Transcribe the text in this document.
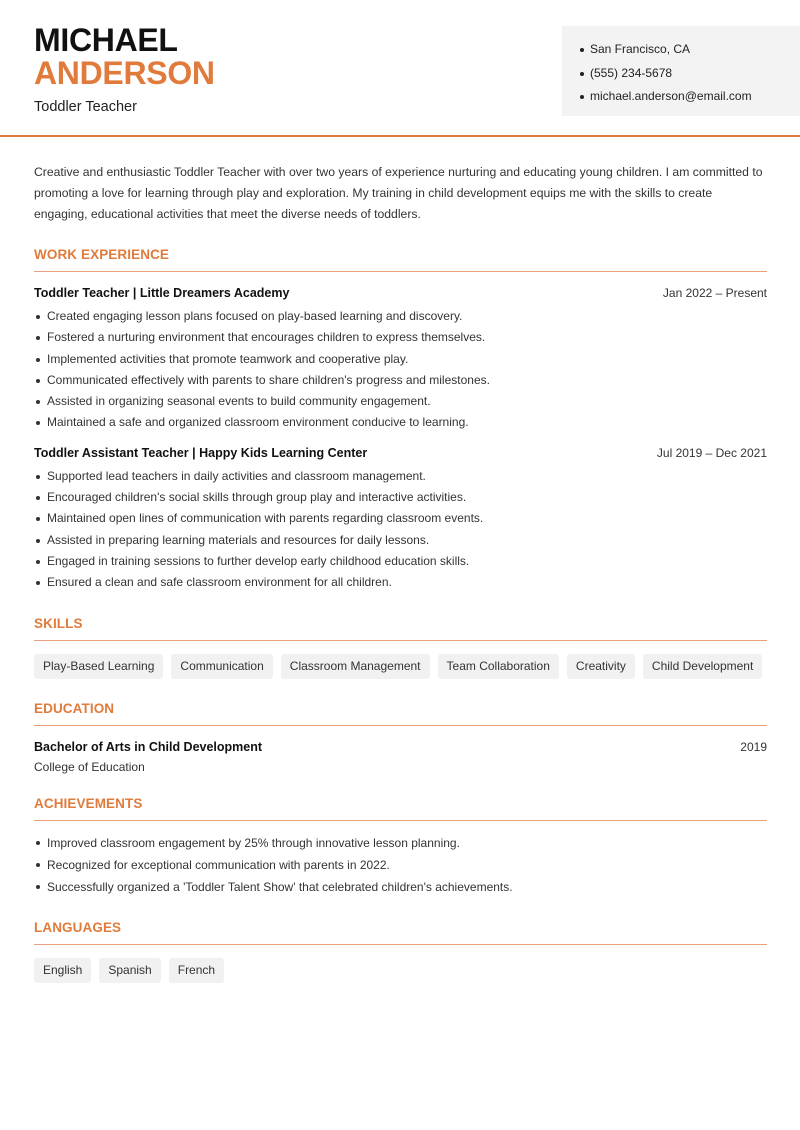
MICHAEL
ANDERSON
Toddler Teacher
San Francisco, CA
(555) 234-5678
michael.anderson@email.com

Creative and enthusiastic Toddler Teacher with over two years of experience nurturing and educating young children. I am committed to promoting a love for learning through play and exploration. My training in child development equips me with the skills to create engaging, educational activities that meet the diverse needs of toddlers.

WORK EXPERIENCE
Toddler Teacher | Little Dreamers Academy	Jan 2022 – Present
Created engaging lesson plans focused on play-based learning and discovery.
Fostered a nurturing environment that encourages children to express themselves.
Implemented activities that promote teamwork and cooperative play.
Communicated effectively with parents to share children's progress and milestones.
Assisted in organizing seasonal events to build community engagement.
Maintained a safe and organized classroom environment conducive to learning.
Toddler Assistant Teacher | Happy Kids Learning Center	Jul 2019 – Dec 2021
Supported lead teachers in daily activities and classroom management.
Encouraged children's social skills through group play and interactive activities.
Maintained open lines of communication with parents regarding classroom events.
Assisted in preparing learning materials and resources for daily lessons.
Engaged in training sessions to further develop early childhood education skills.
Ensured a clean and safe classroom environment for all children.
SKILLS
Play-Based Learning	Communication	Classroom Management	Team Collaboration	Creativity	Child Development
EDUCATION
Bachelor of Arts in Child Development	2019
College of Education
ACHIEVEMENTS
Improved classroom engagement by 25% through innovative lesson planning.
Recognized for exceptional communication with parents in 2022.
Successfully organized a 'Toddler Talent Show' that celebrated children's achievements.
LANGUAGES
English	Spanish	French
